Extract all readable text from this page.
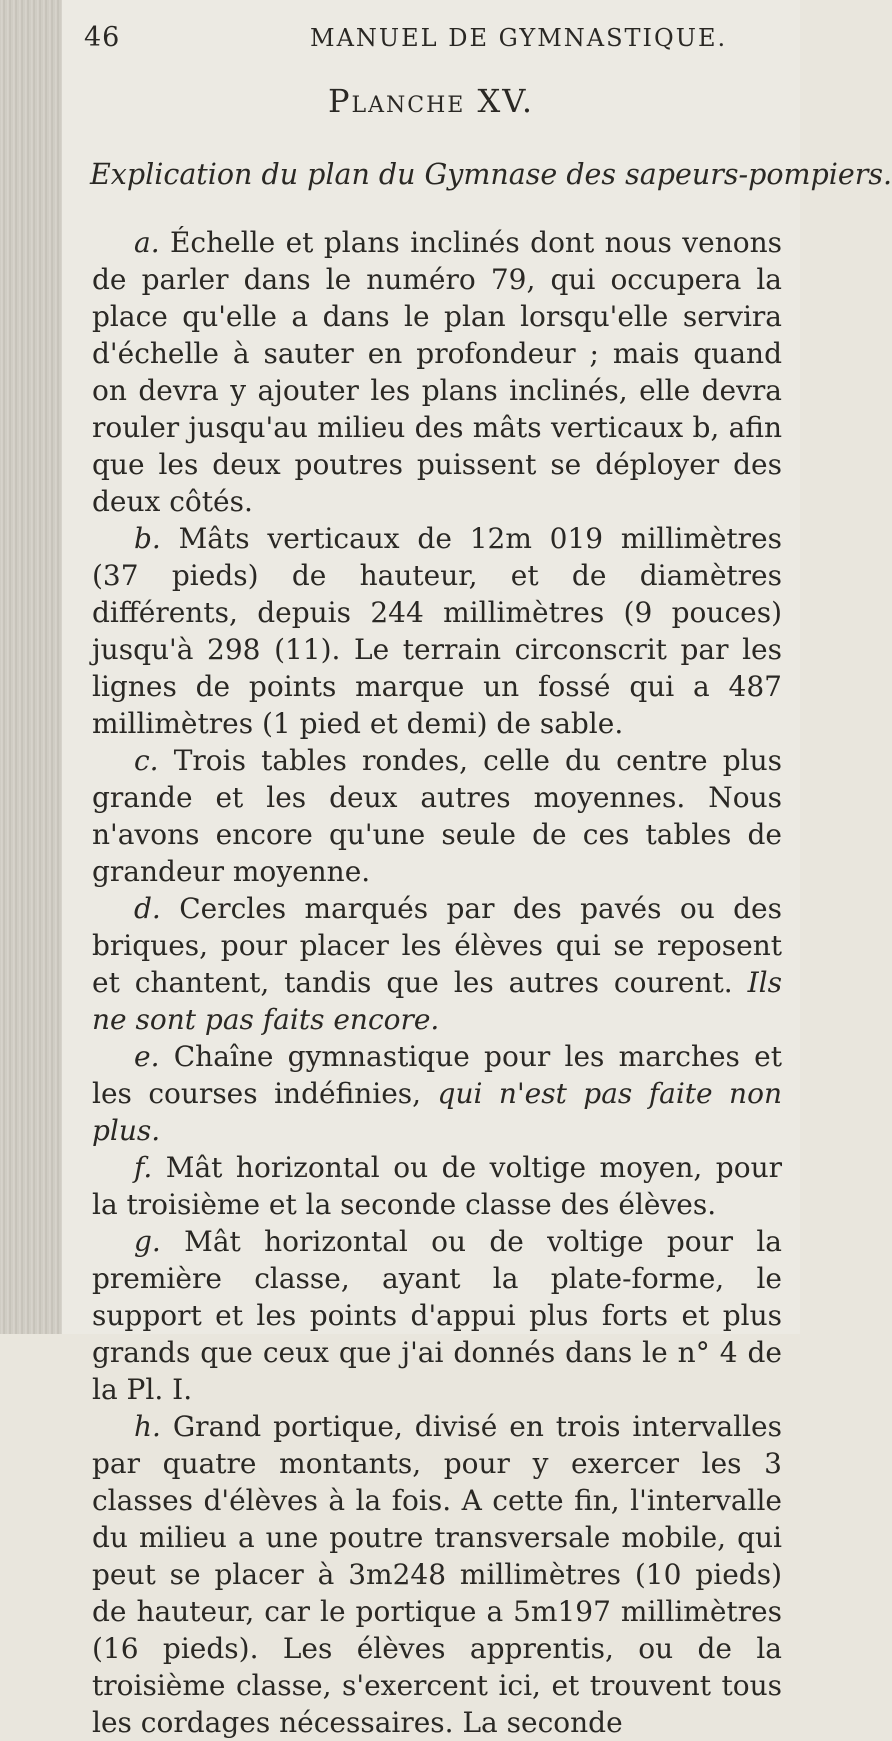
46	MANUEL DE GYMNASTIQUE.
Planche XV.
Explication du plan du Gymnase des sapeurs-pompiers.

a. Échelle et plans inclinés dont nous venons de parler dans le numéro 79, qui occupera la place qu'elle a dans le plan lorsqu'elle servira d'échelle à sauter en profondeur ; mais quand on devra y ajouter les plans inclinés, elle devra rouler jusqu'au milieu des mâts verticaux b, afin que les deux poutres puissent se déployer des deux côtés.

b. Mâts verticaux de 12m 019 millimètres (37 pieds) de hauteur, et de diamètres différents, depuis 244 millimètres (9 pouces) jusqu'à 298 (11). Le terrain circonscrit par les lignes de points marque un fossé qui a 487 millimètres (1 pied et demi) de sable.

c. Trois tables rondes, celle du centre plus grande et les deux autres moyennes. Nous n'avons encore qu'une seule de ces tables de grandeur moyenne.

d. Cercles marqués par des pavés ou des briques, pour placer les élèves qui se reposent et chantent, tandis que les autres courent. Ils ne sont pas faits encore.

e. Chaîne gymnastique pour les marches et les courses indéfinies, qui n'est pas faite non plus.

f. Mât horizontal ou de voltige moyen, pour la troisième et la seconde classe des élèves.

g. Mât horizontal ou de voltige pour la première classe, ayant la plate-forme, le support et les points d'appui plus forts et plus grands que ceux que j'ai donnés dans le n° 4 de la Pl. I.

h. Grand portique, divisé en trois intervalles par quatre montants, pour y exercer les 3 classes d'élèves à la fois. A cette fin, l'intervalle du milieu a une poutre transversale mobile, qui peut se placer à 3m248 millimètres (10 pieds) de hauteur, car le portique a 5m197 millimètres (16 pieds). Les élèves apprentis, ou de la troisième classe, s'exercent ici, et trouvent tous les cordages nécessaires. La seconde
